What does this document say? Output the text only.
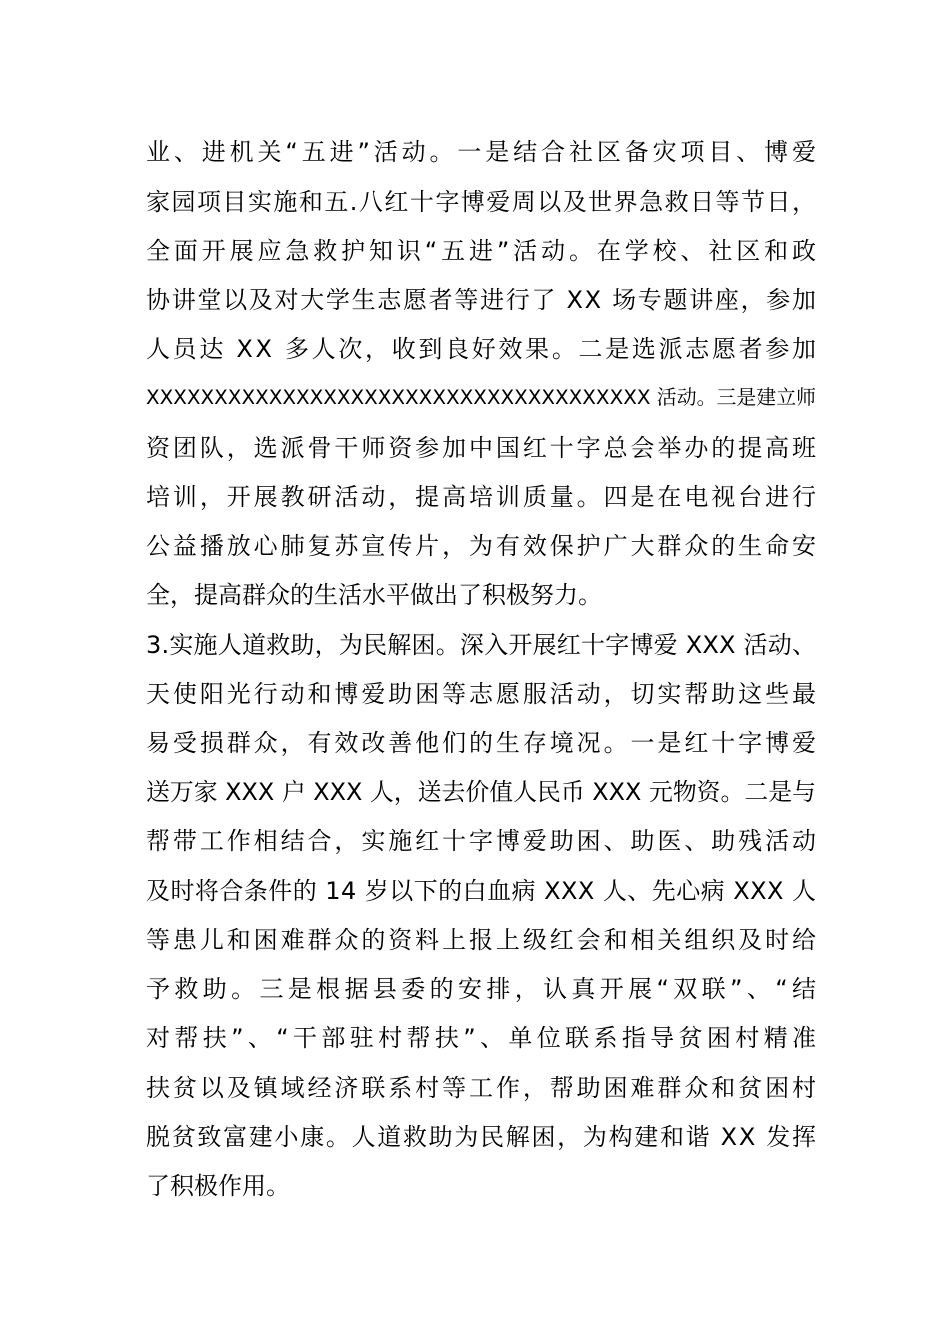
业、进机关“五进”活动。一是结合社区备灾项目、博爱
家园项目实施和五.八红十字博爱周以及世界急救日等节日，
全面开展应急救护知识“五进”活动。在学校、社区和政
协讲堂以及对大学生志愿者等进行了 XX 场专题讲座，参加
人员达 XX 多人次，收到良好效果。二是选派志愿者参加
XXXXXXXXXXXXXXXXXXXXXXXXXXXXXXXXXXXXX 活动。三是建立师
资团队，选派骨干师资参加中国红十字总会举办的提高班
培训，开展教研活动，提高培训质量。四是在电视台进行
公益播放心肺复苏宣传片，为有效保护广大群众的生命安
全，提高群众的生活水平做出了积极努力。
3.实施人道救助，为民解困。深入开展红十字博爱 XXX 活动、
天使阳光行动和博爱助困等志愿服活动，切实帮助这些最
易受损群众，有效改善他们的生存境况。一是红十字博爱
送万家 XXX 户 XXX 人，送去价值人民币 XXX 元物资。二是与
帮带工作相结合，实施红十字博爱助困、助医、助残活动
及时将合条件的 14 岁以下的白血病 XXX 人、先心病 XXX 人
等患儿和困难群众的资料上报上级红会和相关组织及时给
予救助。三是根据县委的安排，认真开展“双联”、“结
对帮扶”、“干部驻村帮扶”、单位联系指导贫困村精准
扶贫以及镇域经济联系村等工作，帮助困难群众和贫困村
脱贫致富建小康。人道救助为民解困，为构建和谐 XX 发挥
了积极作用。
